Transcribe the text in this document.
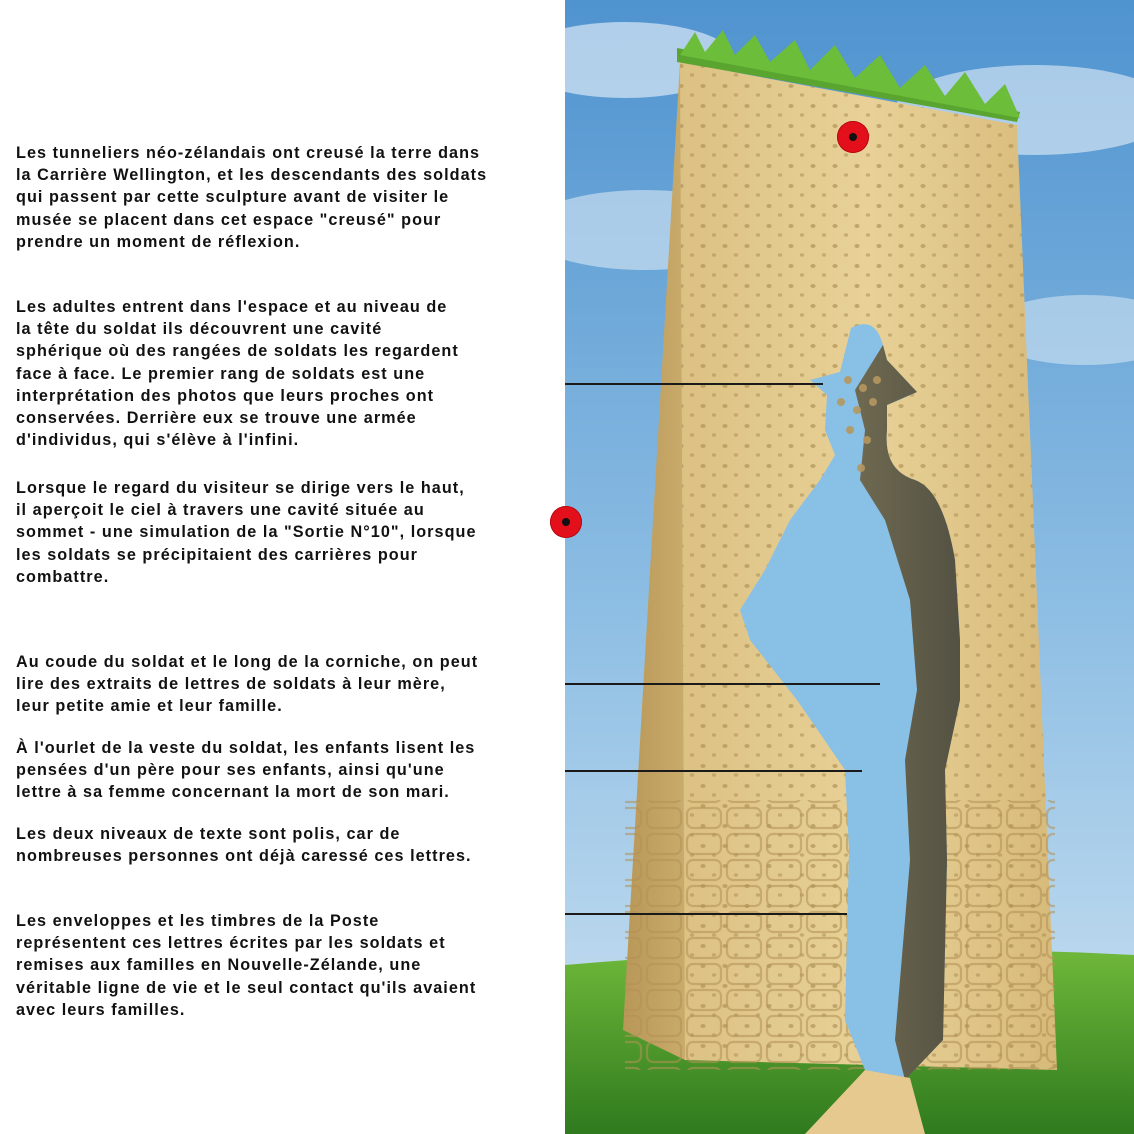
Les tunneliers néo-zélandais ont creusé la terre dans
la Carrière Wellington, et les descendants des soldats
qui passent par cette sculpture avant de visiter le
musée se placent dans cet espace "creusé" pour
prendre un moment de réflexion.

Les adultes entrent dans l'espace et au niveau de
la tête du soldat ils découvrent une cavité
sphérique où des rangées de soldats les regardent
face à face. Le premier rang de soldats est une
interprétation des photos que leurs proches ont
conservées. Derrière eux se trouve une armée
d'individus, qui s'élève à l'infini.

Lorsque le regard du visiteur se dirige vers le haut,
il aperçoit le ciel à travers une cavité située au
sommet - une simulation de la "Sortie N°10", lorsque
les soldats se précipitaient des carrières pour
combattre.

Au coude du soldat et le long de la corniche, on peut
lire des extraits de lettres de soldats à leur mère,
leur petite amie et leur famille.

À l'ourlet de la veste du soldat, les enfants lisent les
pensées d'un père pour ses enfants, ainsi qu'une
lettre à sa femme concernant la mort de son mari.

Les deux niveaux de texte sont polis, car de
nombreuses personnes ont déjà caressé ces lettres.

Les enveloppes et les timbres de la Poste
représentent ces lettres écrites par les soldats et
remises aux familles en Nouvelle-Zélande, une
véritable ligne de vie et le seul contact qu'ils avaient
avec leurs familles.
